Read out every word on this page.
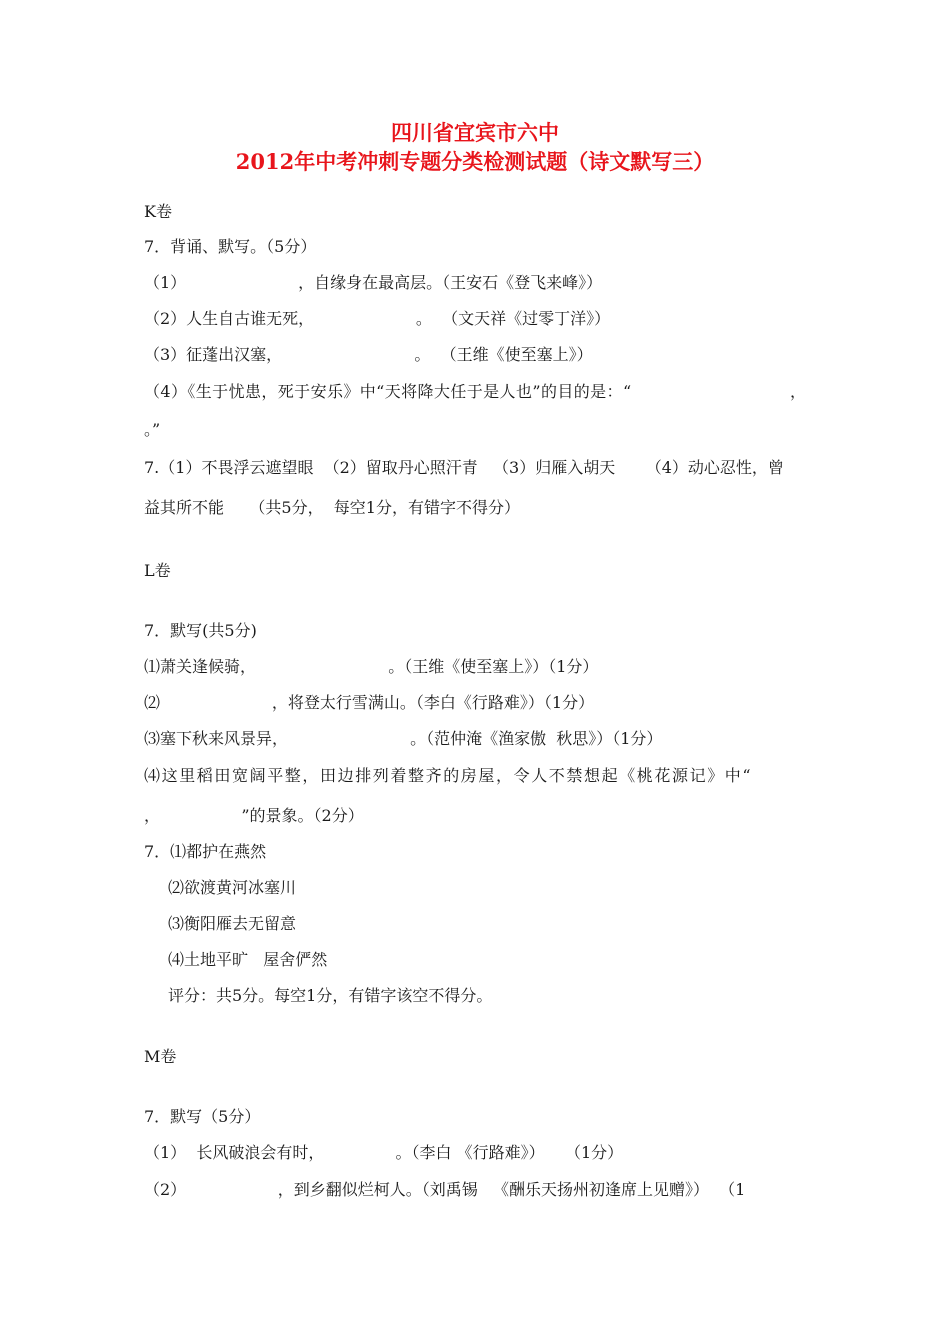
四川省宜宾市六中
2012年中考冲刺专题分类检测试题（诗文默写三）
K卷
7．背诵、默写。（5分）
（1）                      ，自缘身在最高层。（王安石《登飞来峰》）
（2）人生自古谁无死，                    。  （文天祥《过零丁洋》）
（3）征蓬出汉塞，                          。  （王维《使至塞上》）
（4）《生于忧患，死于安乐》中“天将降大任于是人也”的目的是：“	，
。”
7.（1）不畏浮云遮望眼  （2）留取丹心照汗青   （3）归雁入胡天      （4）动心忍性，曾
益其所不能     （共5分，  每空1分，有错字不得分）
L卷
7．默写(共5分)
⑴萧关逢候骑，                          。（王维《使至塞上》）（1分）
⑵                      ，将登太行雪满山。（李白《行路难》）（1分）
⑶塞下秋来风景异，                        。（范仲淹《渔家傲  秋思》）（1分）
⑷这里稻田宽阔平整，田边排列着整齐的房屋，令人不禁想起《桃花源记》中“
，                ”的景象。（2分）
7．⑴都护在燕然
⑵欲渡黄河冰塞川
⑶衡阳雁去无留意
⑷土地平旷   屋舍俨然
评分：共5分。每空1分，有错字该空不得分。
M卷
7．默写（5分）
（1）  长风破浪会有时，              。（李白 《行路难》）    （1分）
（2）                  ，到乡翻似烂柯人。（刘禹锡   《酬乐天扬州初逢席上见赠》）  （1
